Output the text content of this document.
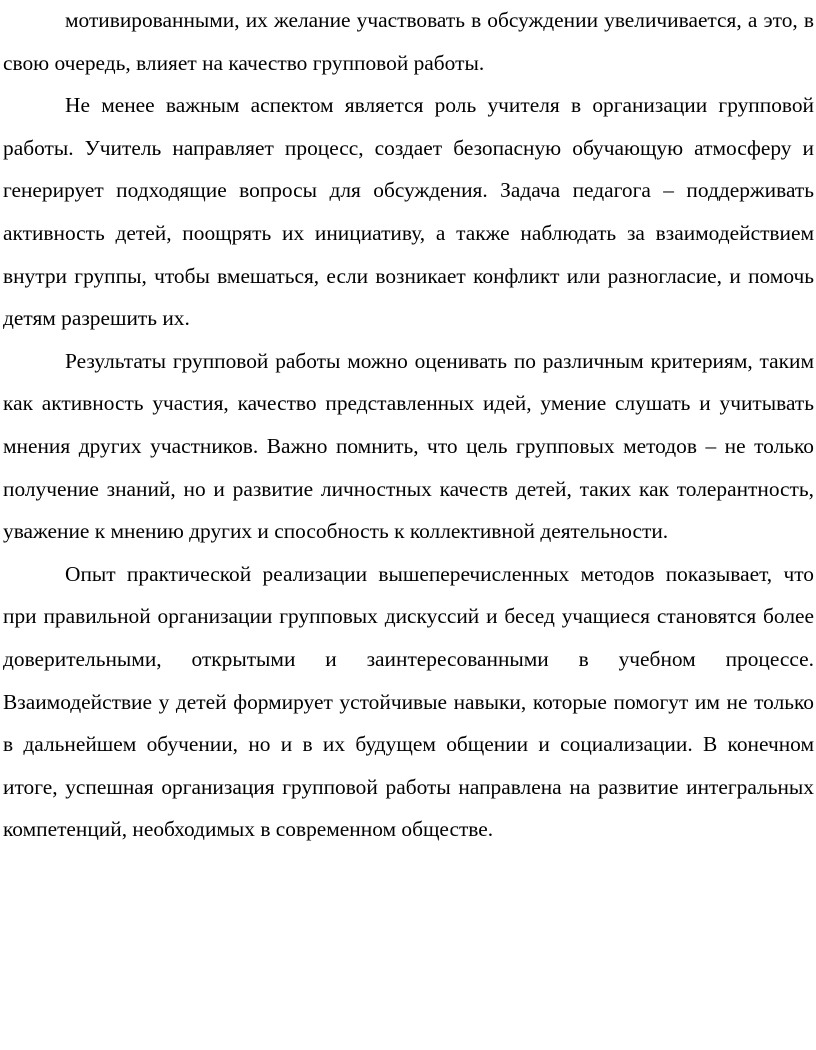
мотивированными, их желание участвовать в обсуждении увеличивается, а это, в свою очередь, влияет на качество групповой работы.

Не менее важным аспектом является роль учителя в организации групповой работы. Учитель направляет процесс, создает безопасную обучающую атмосферу и генерирует подходящие вопросы для обсуждения. Задача педагога – поддерживать активность детей, поощрять их инициативу, а также наблюдать за взаимодействием внутри группы, чтобы вмешаться, если возникает конфликт или разногласие, и помочь детям разрешить их.

Результаты групповой работы можно оценивать по различным критериям, таким как активность участия, качество представленных идей, умение слушать и учитывать мнения других участников. Важно помнить, что цель групповых методов – не только получение знаний, но и развитие личностных качеств детей, таких как толерантность, уважение к мнению других и способность к коллективной деятельности.

Опыт практической реализации вышеперечисленных методов показывает, что при правильной организации групповых дискуссий и бесед учащиеся становятся более доверительными, открытыми и заинтересованными в учебном процессе. Взаимодействие у детей формирует устойчивые навыки, которые помогут им не только в дальнейшем обучении, но и в их будущем общении и социализации. В конечном итоге, успешная организация групповой работы направлена на развитие интегральных компетенций, необходимых в современном обществе.
